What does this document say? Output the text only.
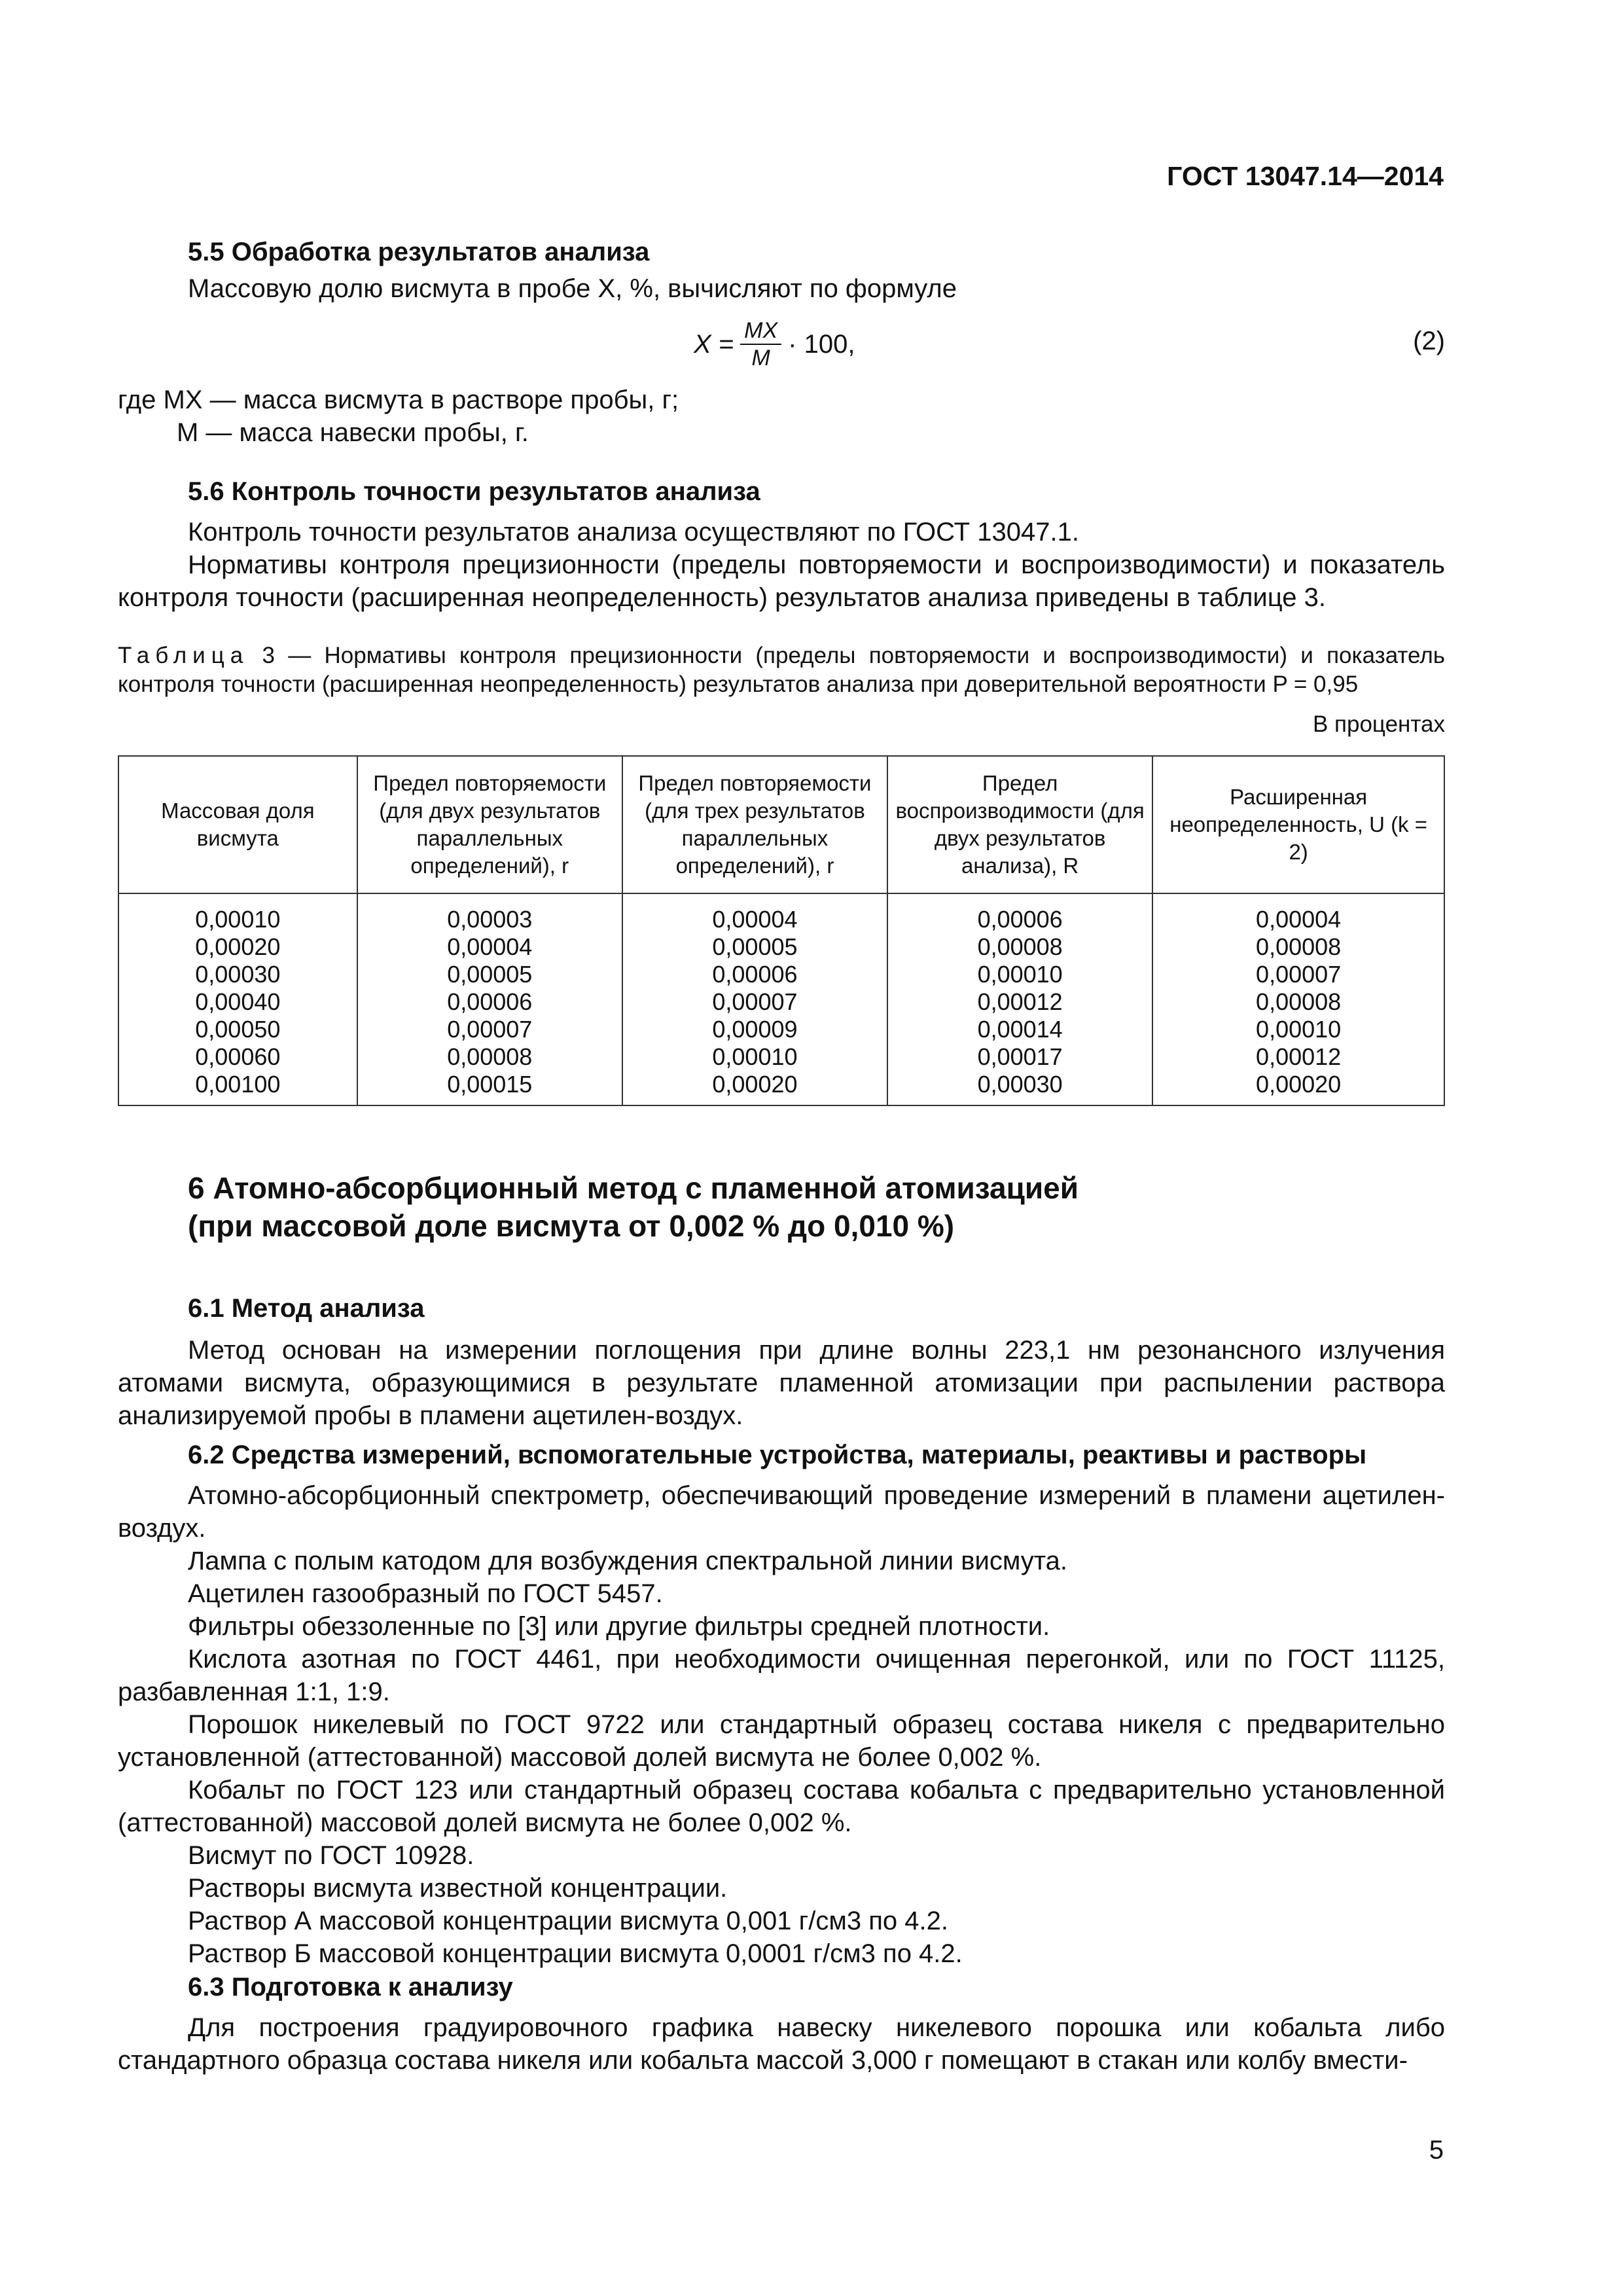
ГОСТ 13047.14—2014
5.5 Обработка результатов анализа
Массовую долю висмута в пробе X, %, вычисляют по формуле
$X = \frac{MX}{M} \cdot 100$,	(2)
где MX — масса висмута в растворе пробы, г;
M — масса навески пробы, г.
5.6 Контроль точности результатов анализа
Контроль точности результатов анализа осуществляют по ГОСТ 13047.1.
Нормативы контроля прецизионности (пределы повторяемости и воспроизводимости) и показатель контроля точности (расширенная неопределенность) результатов анализа приведены в таблице 3.
Таблица 3 — Нормативы контроля прецизионности (пределы повторяемости и воспроизводимости) и показатель контроля точности (расширенная неопределенность) результатов анализа при доверительной вероятности P = 0,95
В процентах
Массовая доля висмута	Предел повторяемости (для двух результатов параллельных определений), r	Предел повторяемости (для трех результатов параллельных определений), r	Предел воспроизводимости (для двух результатов анализа), R	Расширенная неопределенность, U (k = 2)
0,00010	0,00003	0,00004	0,00006	0,00004
0,00020	0,00004	0,00005	0,00008	0,00008
0,00030	0,00005	0,00006	0,00010	0,00007
0,00040	0,00006	0,00007	0,00012	0,00008
0,00050	0,00007	0,00009	0,00014	0,00010
0,00060	0,00008	0,00010	0,00017	0,00012
0,00100	0,00015	0,00020	0,00030	0,00020
6 Атомно-абсорбционный метод с пламенной атомизацией
(при массовой доле висмута от 0,002 % до 0,010 %)
6.1 Метод анализа
Метод основан на измерении поглощения при длине волны 223,1 нм резонансного излучения атомами висмута, образующимися в результате пламенной атомизации при распылении раствора анализируемой пробы в пламени ацетилен-воздух.
6.2 Средства измерений, вспомогательные устройства, материалы, реактивы и растворы
Атомно-абсорбционный спектрометр, обеспечивающий проведение измерений в пламени ацетилен-воздух.
Лампа с полым катодом для возбуждения спектральной линии висмута.
Ацетилен газообразный по ГОСТ 5457.
Фильтры обеззоленные по [3] или другие фильтры средней плотности.
Кислота азотная по ГОСТ 4461, при необходимости очищенная перегонкой, или по ГОСТ 11125, разбавленная 1:1, 1:9.
Порошок никелевый по ГОСТ 9722 или стандартный образец состава никеля с предварительно установленной (аттестованной) массовой долей висмута не более 0,002 %.
Кобальт по ГОСТ 123 или стандартный образец состава кобальта с предварительно установленной (аттестованной) массовой долей висмута не более 0,002 %.
Висмут по ГОСТ 10928.
Растворы висмута известной концентрации.
Раствор А массовой концентрации висмута 0,001 г/см3 по 4.2.
Раствор Б массовой концентрации висмута 0,0001 г/см3 по 4.2.
6.3 Подготовка к анализу
Для построения градуировочного графика навеску никелевого порошка или кобальта либо стандартного образца состава никеля или кобальта массой 3,000 г помещают в стакан или колбу вмести-
5
